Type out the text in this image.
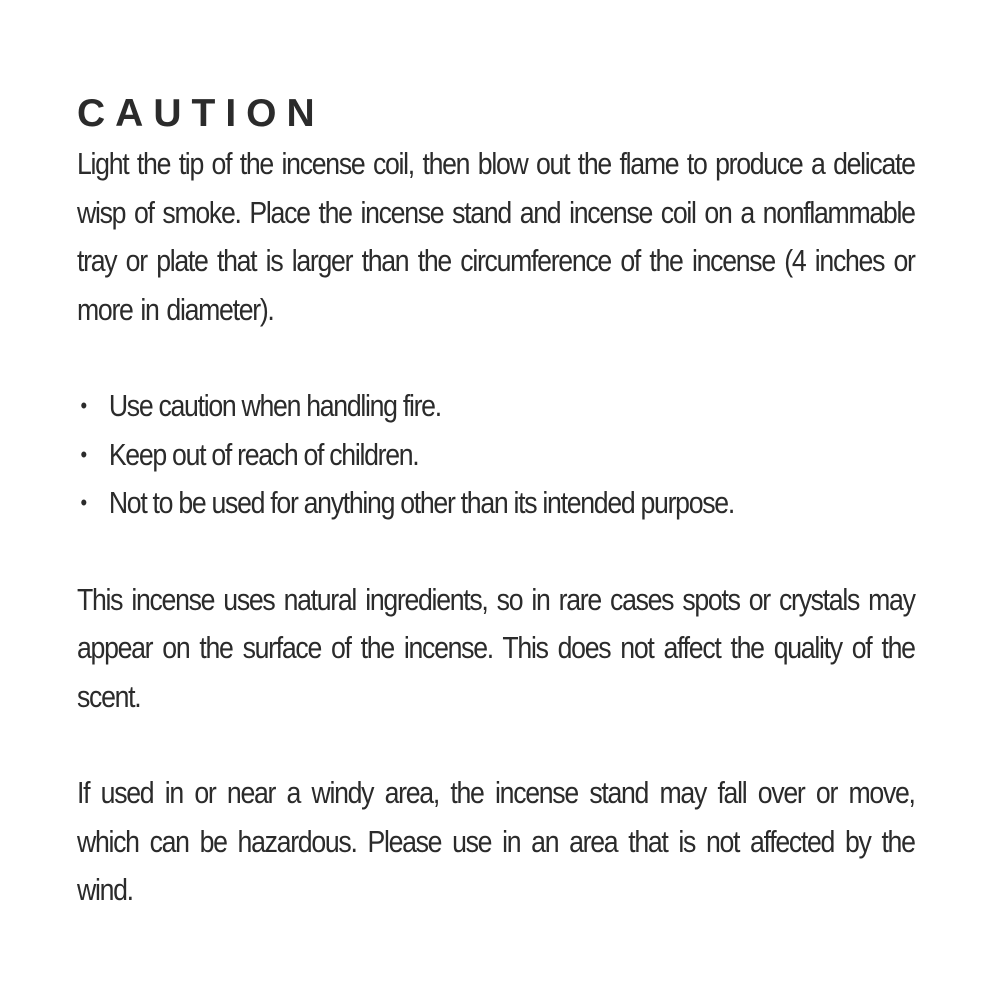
CAUTION

Light the tip of the incense coil, then blow out the flame to produce a delicate wisp of smoke. Place the incense stand and incense coil on a nonflammable tray or plate that is larger than the circumference of the incense (4 inches or more in diameter).

• Use caution when handling fire.
• Keep out of reach of children.
• Not to be used for anything other than its intended purpose.

This incense uses natural ingredients, so in rare cases spots or crystals may appear on the surface of the incense. This does not affect the quality of the scent.

If used in or near a windy area, the incense stand may fall over or move, which can be hazardous. Please use in an area that is not affected by the wind.
